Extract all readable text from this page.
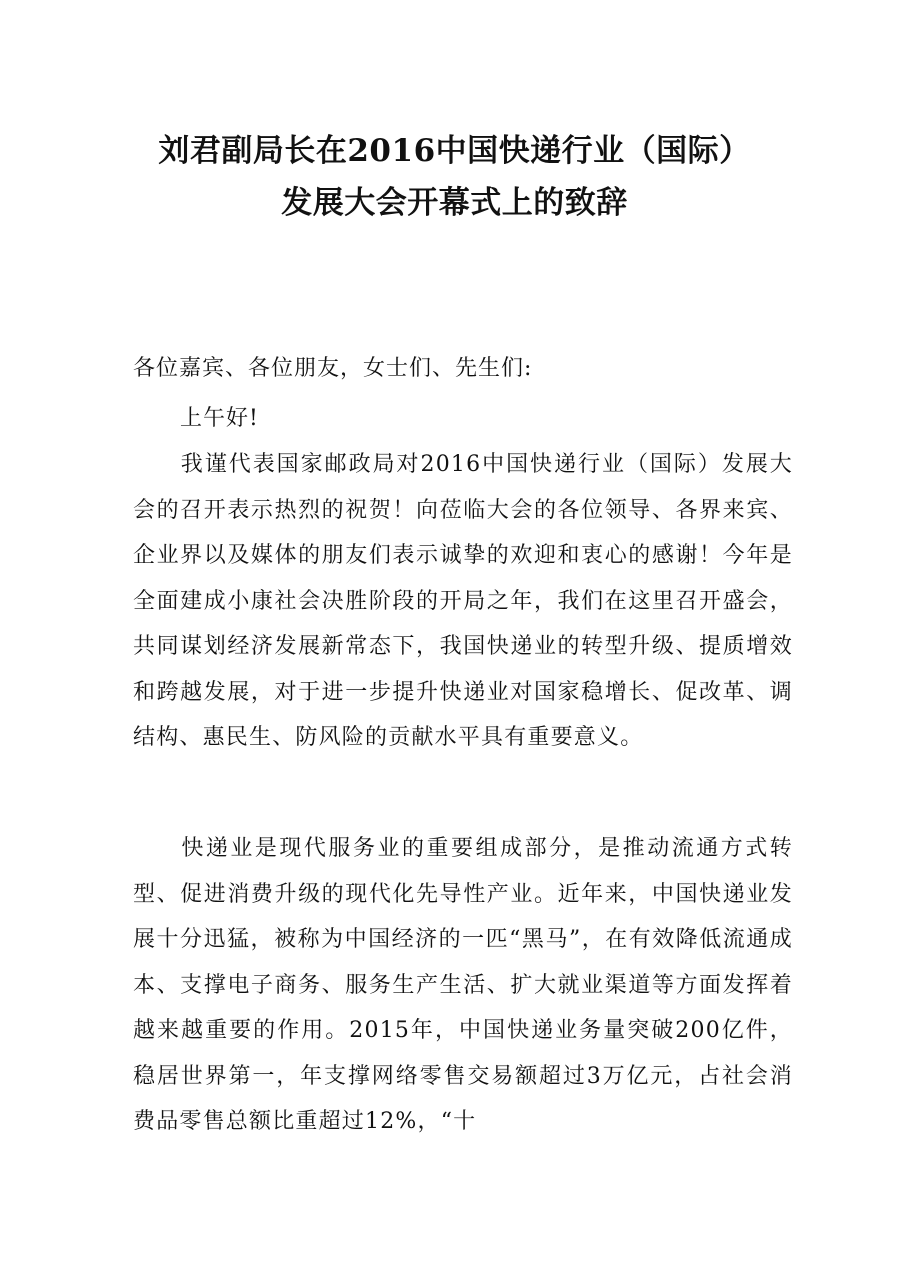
刘君副局长在2016中国快递行业（国际）
发展大会开幕式上的致辞
各位嘉宾、各位朋友，女士们、先生们:
上午好!
我谨代表国家邮政局对2016中国快递行业（国际）发展大会的召开表示热烈的祝贺！向莅临大会的各位领导、各界来宾、企业界以及媒体的朋友们表示诚挚的欢迎和衷心的感谢！今年是全面建成小康社会决胜阶段的开局之年，我们在这里召开盛会，共同谋划经济发展新常态下，我国快递业的转型升级、提质增效和跨越发展，对于进一步提升快递业对国家稳增长、促改革、调结构、惠民生、防风险的贡献水平具有重要意义。
快递业是现代服务业的重要组成部分，是推动流通方式转型、促进消费升级的现代化先导性产业。近年来，中国快递业发展十分迅猛，被称为中国经济的一匹“黑马”，在有效降低流通成本、支撑电子商务、服务生产生活、扩大就业渠道等方面发挥着越来越重要的作用。2015年，中国快递业务量突破200亿件，稳居世界第一，年支撑网络零售交易额超过3万亿元，占社会消费品零售总额比重超过12%，“十
